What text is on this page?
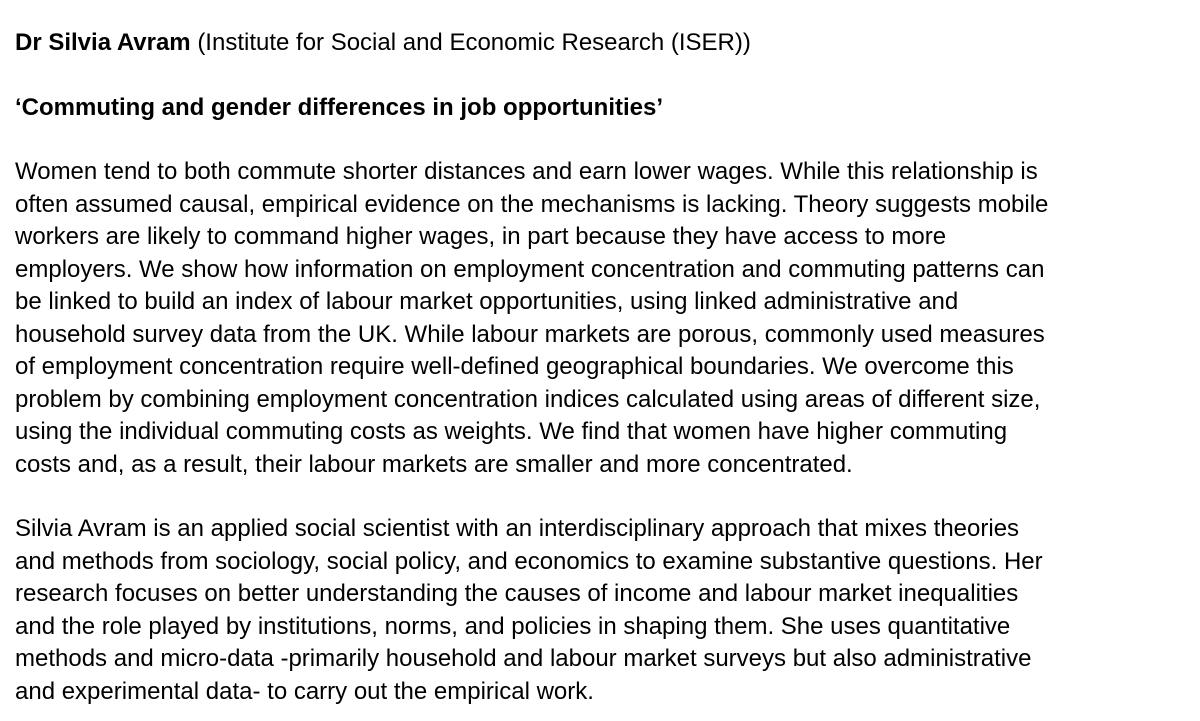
Dr Silvia Avram (Institute for Social and Economic Research (ISER))
‘Commuting and gender differences in job opportunities’
Women tend to both commute shorter distances and earn lower wages. While this relationship is
often assumed causal, empirical evidence on the mechanisms is lacking. Theory suggests mobile
workers are likely to command higher wages, in part because they have access to more
employers. We show how information on employment concentration and commuting patterns can
be linked to build an index of labour market opportunities, using linked administrative and
household survey data from the UK. While labour markets are porous, commonly used measures
of employment concentration require well-defined geographical boundaries. We overcome this
problem by combining employment concentration indices calculated using areas of different size,
using the individual commuting costs as weights. We find that women have higher commuting
costs and, as a result, their labour markets are smaller and more concentrated.
Silvia Avram is an applied social scientist with an interdisciplinary approach that mixes theories
and methods from sociology, social policy, and economics to examine substantive questions. Her
research focuses on better understanding the causes of income and labour market inequalities
and the role played by institutions, norms, and policies in shaping them. She uses quantitative
methods and micro-data -primarily household and labour market surveys but also administrative
and experimental data- to carry out the empirical work.
